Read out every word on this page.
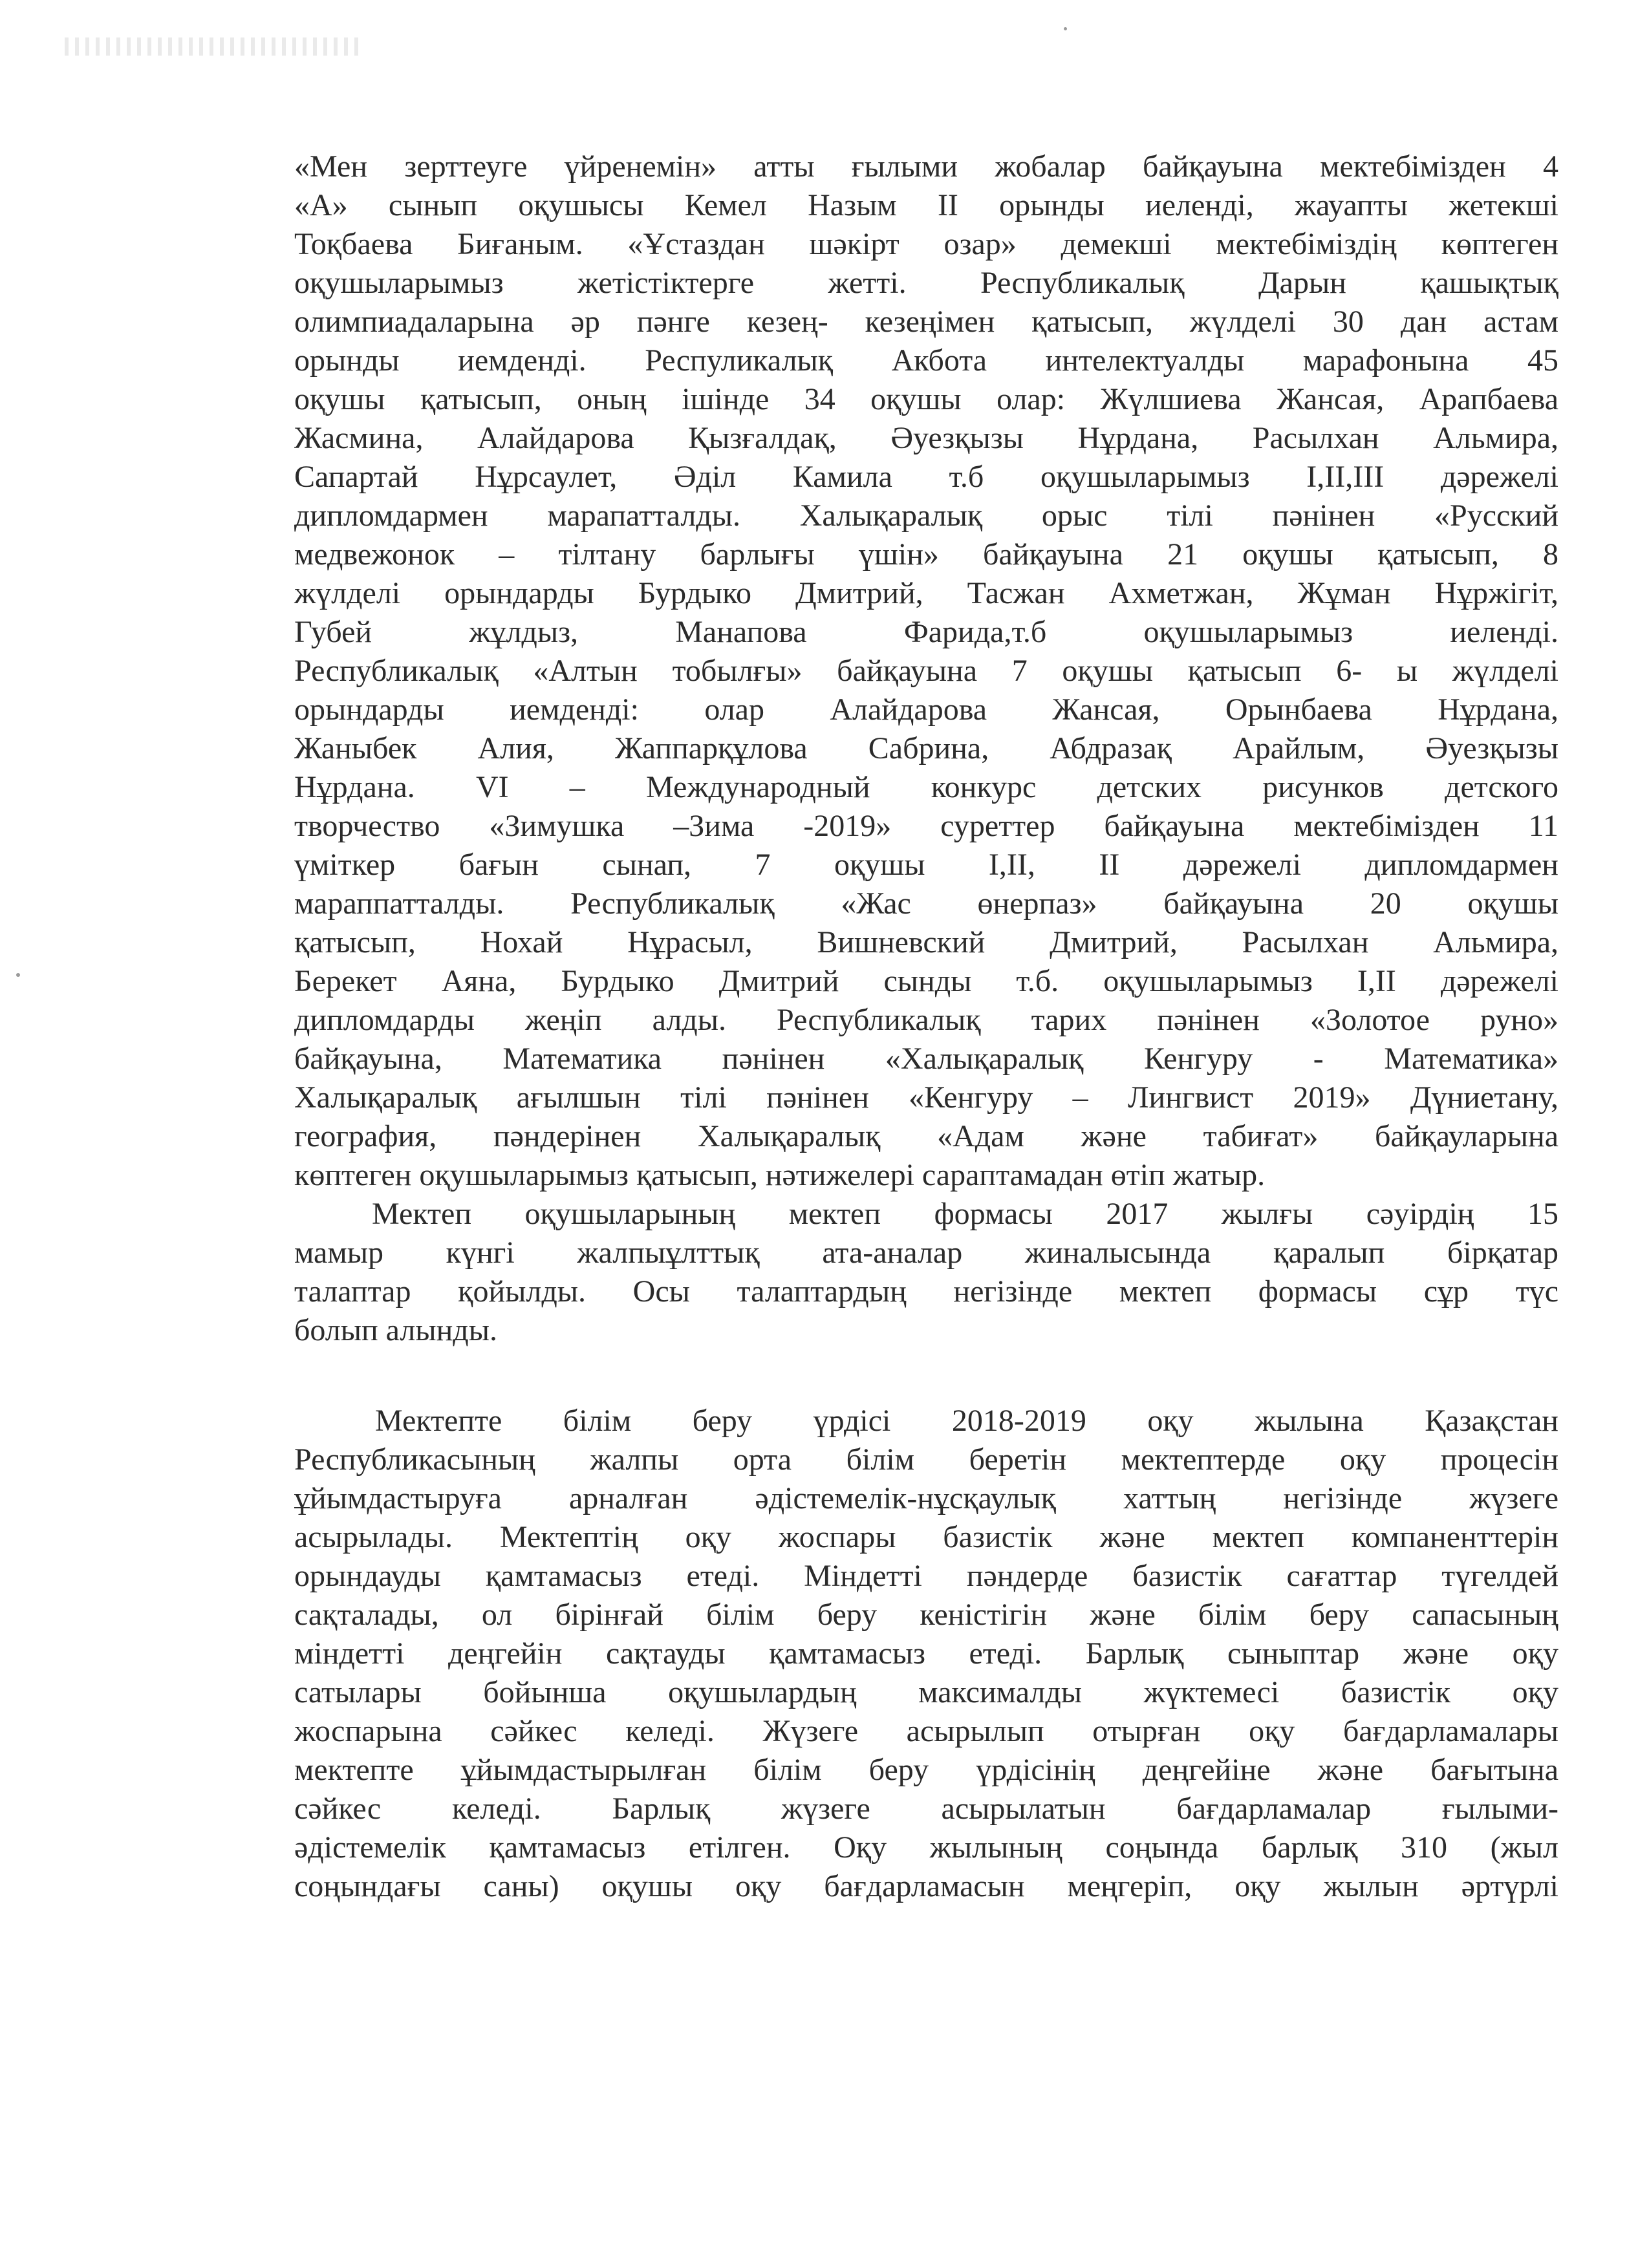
«Мен зерттеуге үйренемін» атты ғылыми жобалар байқауына мектебімізден 4
«А» сынып оқушысы Кемел Назым II орынды иеленді, жауапты жетекші
Тоқбаева Биғаным. «Ұстаздан шәкірт озар» демекші мектебіміздің көптеген
оқушыларымыз жетістіктерге жетті. Республикалық Дарын қашықтық
олимпиадаларына әр пәнге кезең- кезеңімен қатысып, жүлделі 30 дан астам
орынды иемденді. Респуликалық Акбота интелектуалды марафонына 45
оқушы қатысып, оның ішінде 34 оқушы олар: Жүлшиева Жансая, Арапбаева
Жасмина, Алайдарова Қызғалдақ, Әуезқызы Нұрдана, Расылхан Альмира,
Сапартай Нұрсаулет, Әділ Камила т.б оқушыларымыз I,II,III дәрежелі
дипломдармен марапатталды. Халықаралық орыс тілі пәнінен «Русский
медвежонок – тілтану барлығы үшін» байқауына 21 оқушы қатысып, 8
жүлделі орындарды Бурдыко Дмитрий, Тасжан Ахметжан, Жұман Нұржігіт,
Губей жұлдыз, Манапова Фарида,т.б оқушыларымыз иеленді.
Республикалық «Алтын тобылғы» байқауына 7 оқушы қатысып 6- ы жүлделі
орындарды иемденді: олар Алайдарова Жансая, Орынбаева Нұрдана,
Жаныбек Алия, Жаппарқұлова Сабрина, Абдразақ Арайлым, Әуезқызы
Нұрдана. VI – Международный конкурс детских рисунков детского
творчество «Зимушка –Зима -2019» суреттер байқауына мектебімізден 11
үміткер бағын сынап, 7 оқушы I,II, II дәрежелі дипломдармен
мараппатталды. Республикалық «Жас өнерпаз» байқауына 20 оқушы
қатысып, Нохай Нұрасыл, Вишневский Дмитрий, Расылхан Альмира,
Берекет Аяна, Бурдыко Дмитрий сынды т.б. оқушыларымыз I,II дәрежелі
дипломдарды жеңіп алды. Республикалық тарих пәнінен «Золотое руно»
байқауына, Математика пәнінен «Халықаралық Кенгуру - Математика»
Халықаралық ағылшын тілі пәнінен «Кенгуру – Лингвист 2019» Дүниетану,
география, пәндерінен Халықаралық «Адам және табиғат» байқауларына
көптеген оқушыларымыз қатысып, нәтижелері сарaптамадан өтіп жатыр.
Мектеп оқушыларының мектеп формасы 2017 жылғы сәуірдің 15
мамыр күнгі жалпыұлттық ата-аналар жиналысында қаралып бірқатар
талаптар қойылды. Осы талаптардың негізінде мектеп формасы сұр түс
болып алынды.
Мектепте білім беру үрдісі 2018-2019 оқу жылына Қазақстан
Республикасының жалпы орта білім беретін мектептерде оқу процесін
ұйымдастыруға арналған әдістемелік-нұсқаулық хаттың негізінде жүзеге
асырылады. Мектептің оқу жоспары базистік және мектеп компаненттерін
орындауды қамтамасыз етеді. Міндетті пәндерде базистік сағаттар түгелдей
сақталады, ол бірінғай білім беру кеністігін және білім беру сапасының
міндетті деңгейін сақтауды қамтамасыз етеді. Барлық сыныптар және оқу
сатылары бойынша оқушылардың максималды жүктемесі базистік оқу
жоспарына сәйкес келеді. Жүзеге асырылып отырған оқу бағдарламалары
мектепте ұйымдастырылған білім беру үрдісінің деңгейіне және бағытына
сәйкес келеді. Барлық жүзеге асырылатын бағдарламалар ғылыми-
әдістемелік қамтамасыз етілген. Оқу жылының соңында барлық 310 (жыл
соңындағы саны) оқушы оқу бағдарламасын меңгеріп, оқу жылын әртүрлі
